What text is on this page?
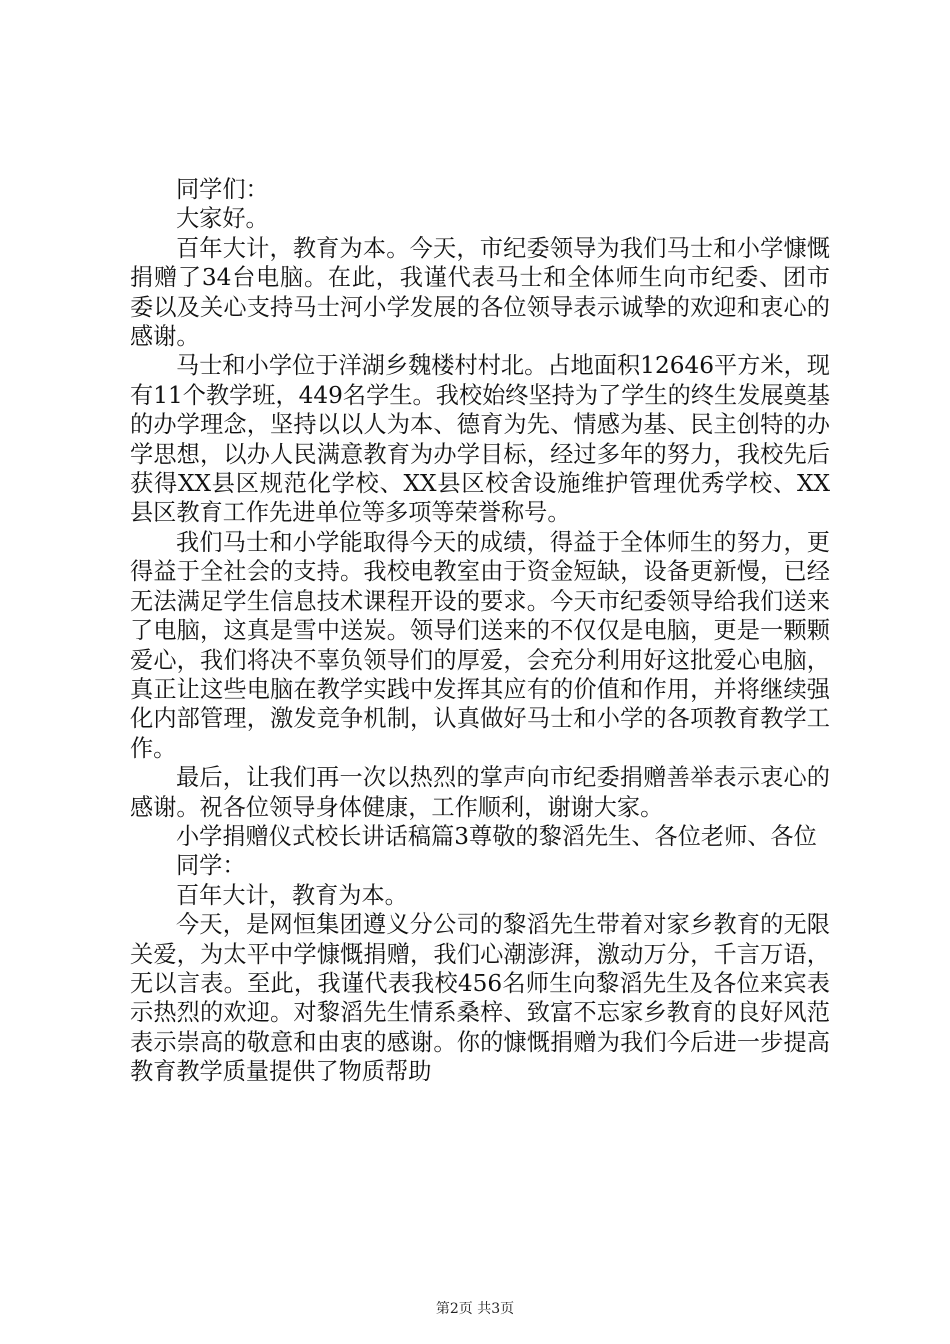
同学们：

大家好。

百年大计，教育为本。今天，市纪委领导为我们马士和小学慷慨捐赠了34台电脑。在此，我谨代表马士和全体师生向市纪委、团市委以及关心支持马士河小学发展的各位领导表示诚挚的欢迎和衷心的感谢。

马士和小学位于洋湖乡魏楼村村北。占地面积12646平方米，现有11个教学班，449名学生。我校始终坚持为了学生的终生发展奠基的办学理念，坚持以以人为本、德育为先、情感为基、民主创特的办学思想，以办人民满意教育为办学目标，经过多年的努力，我校先后获得XX县区规范化学校、XX县区校舍设施维护管理优秀学校、XX县区教育工作先进单位等多项等荣誉称号。

我们马士和小学能取得今天的成绩，得益于全体师生的努力，更得益于全社会的支持。我校电教室由于资金短缺，设备更新慢，已经无法满足学生信息技术课程开设的要求。今天市纪委领导给我们送来了电脑，这真是雪中送炭。领导们送来的不仅仅是电脑，更是一颗颗爱心，我们将决不辜负领导们的厚爱，会充分利用好这批爱心电脑，真正让这些电脑在教学实践中发挥其应有的价值和作用，并将继续强化内部管理，激发竞争机制，认真做好马士和小学的各项教育教学工作。

最后，让我们再一次以热烈的掌声向市纪委捐赠善举表示衷心的感谢。祝各位领导身体健康，工作顺利，谢谢大家。

小学捐赠仪式校长讲话稿篇3尊敬的黎滔先生、各位老师、各位

同学：

百年大计，教育为本。

今天，是网恒集团遵义分公司的黎滔先生带着对家乡教育的无限关爱，为太平中学慷慨捐赠，我们心潮澎湃，激动万分，千言万语，无以言表。至此，我谨代表我校456名师生向黎滔先生及各位来宾表示热烈的欢迎。对黎滔先生情系桑梓、致富不忘家乡教育的良好风范表示崇高的敬意和由衷的感谢。你的慷慨捐赠为我们今后进一步提高教育教学质量提供了物质帮助

第2页 共3页
